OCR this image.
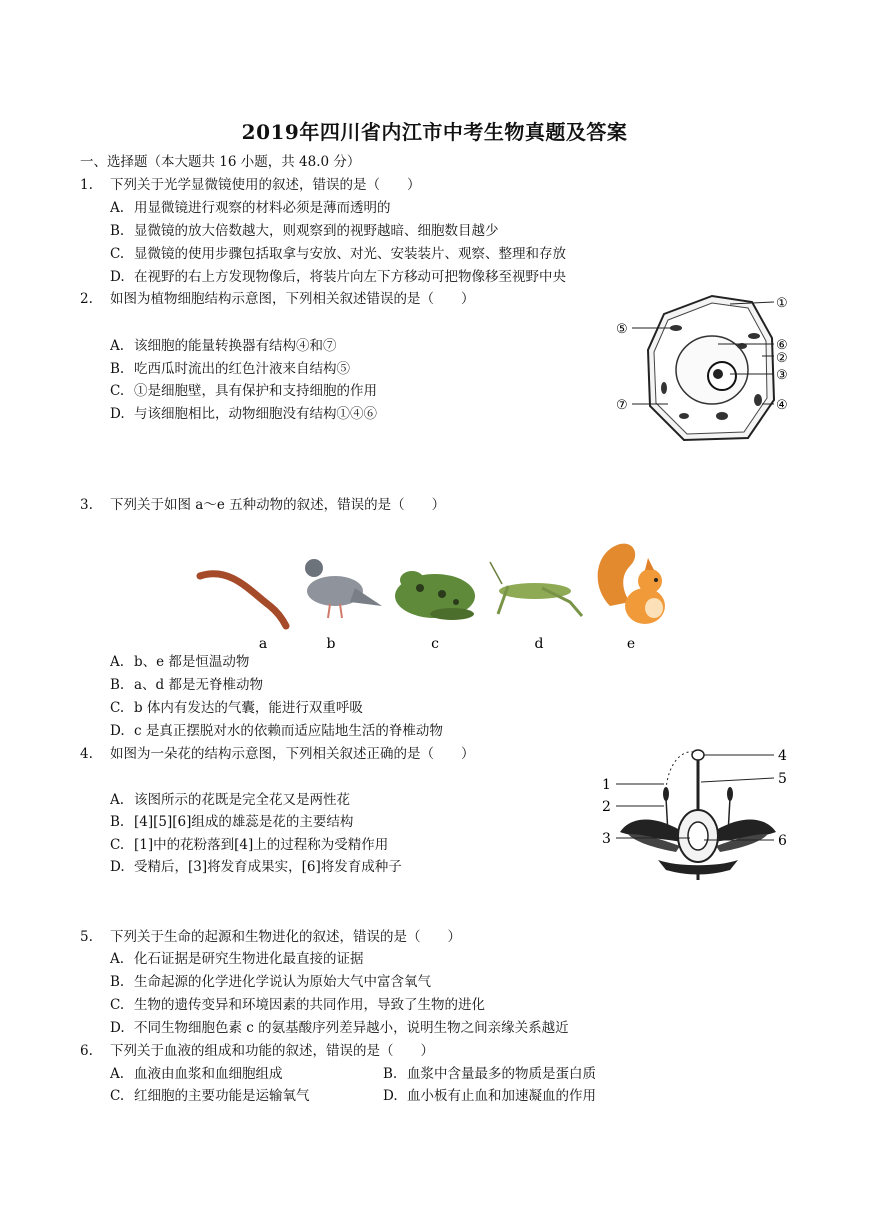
2019年四川省内江市中考生物真题及答案
一、选择题（本大题共 16 小题，共 48.0 分）
1. 下列关于光学显微镜使用的叙述，错误的是（　　）
A. 用显微镜进行观察的材料必须是薄而透明的
B. 显微镜的放大倍数越大，则观察到的视野越暗、细胞数目越少
C. 显微镜的使用步骤包括取拿与安放、对光、安装装片、观察、整理和存放
D. 在视野的右上方发现物像后，将装片向左下方移动可把物像移至视野中央
2. 如图为植物细胞结构示意图，下列相关叙述错误的是（　　）
A. 该细胞的能量转换器有结构④和⑦
B. 吃西瓜时流出的红色汁液来自结构⑤
C. ①是细胞壁，具有保护和支持细胞的作用
D. 与该细胞相比，动物细胞没有结构①④⑥
①
⑤
⑥
②
③
⑦	④
3. 下列关于如图 a～e 五种动物的叙述，错误的是（　　）
a	b	c	d	e
A. b、e 都是恒温动物
B. a、d 都是无脊椎动物
C. b 体内有发达的气囊，能进行双重呼吸
D. c 是真正摆脱对水的依赖而适应陆地生活的脊椎动物
4. 如图为一朵花的结构示意图，下列相关叙述正确的是（　　）
A. 该图所示的花既是完全花又是两性花
B. [4][5][6]组成的雄蕊是花的主要结构
C. [1]中的花粉落到[4]上的过程称为受精作用
D. 受精后，[3]将发育成果实，[6]将发育成种子
4
1	5
2
3	6
5. 下列关于生命的起源和生物进化的叙述，错误的是（　　）
A. 化石证据是研究生物进化最直接的证据
B. 生命起源的化学进化学说认为原始大气中富含氧气
C. 生物的遗传变异和环境因素的共同作用，导致了生物的进化
D. 不同生物细胞色素 c 的氨基酸序列差异越小，说明生物之间亲缘关系越近
6. 下列关于血液的组成和功能的叙述，错误的是（　　）
A. 血液由血浆和血细胞组成	B. 血浆中含量最多的物质是蛋白质
C. 红细胞的主要功能是运输氧气	D. 血小板有止血和加速凝血的作用
